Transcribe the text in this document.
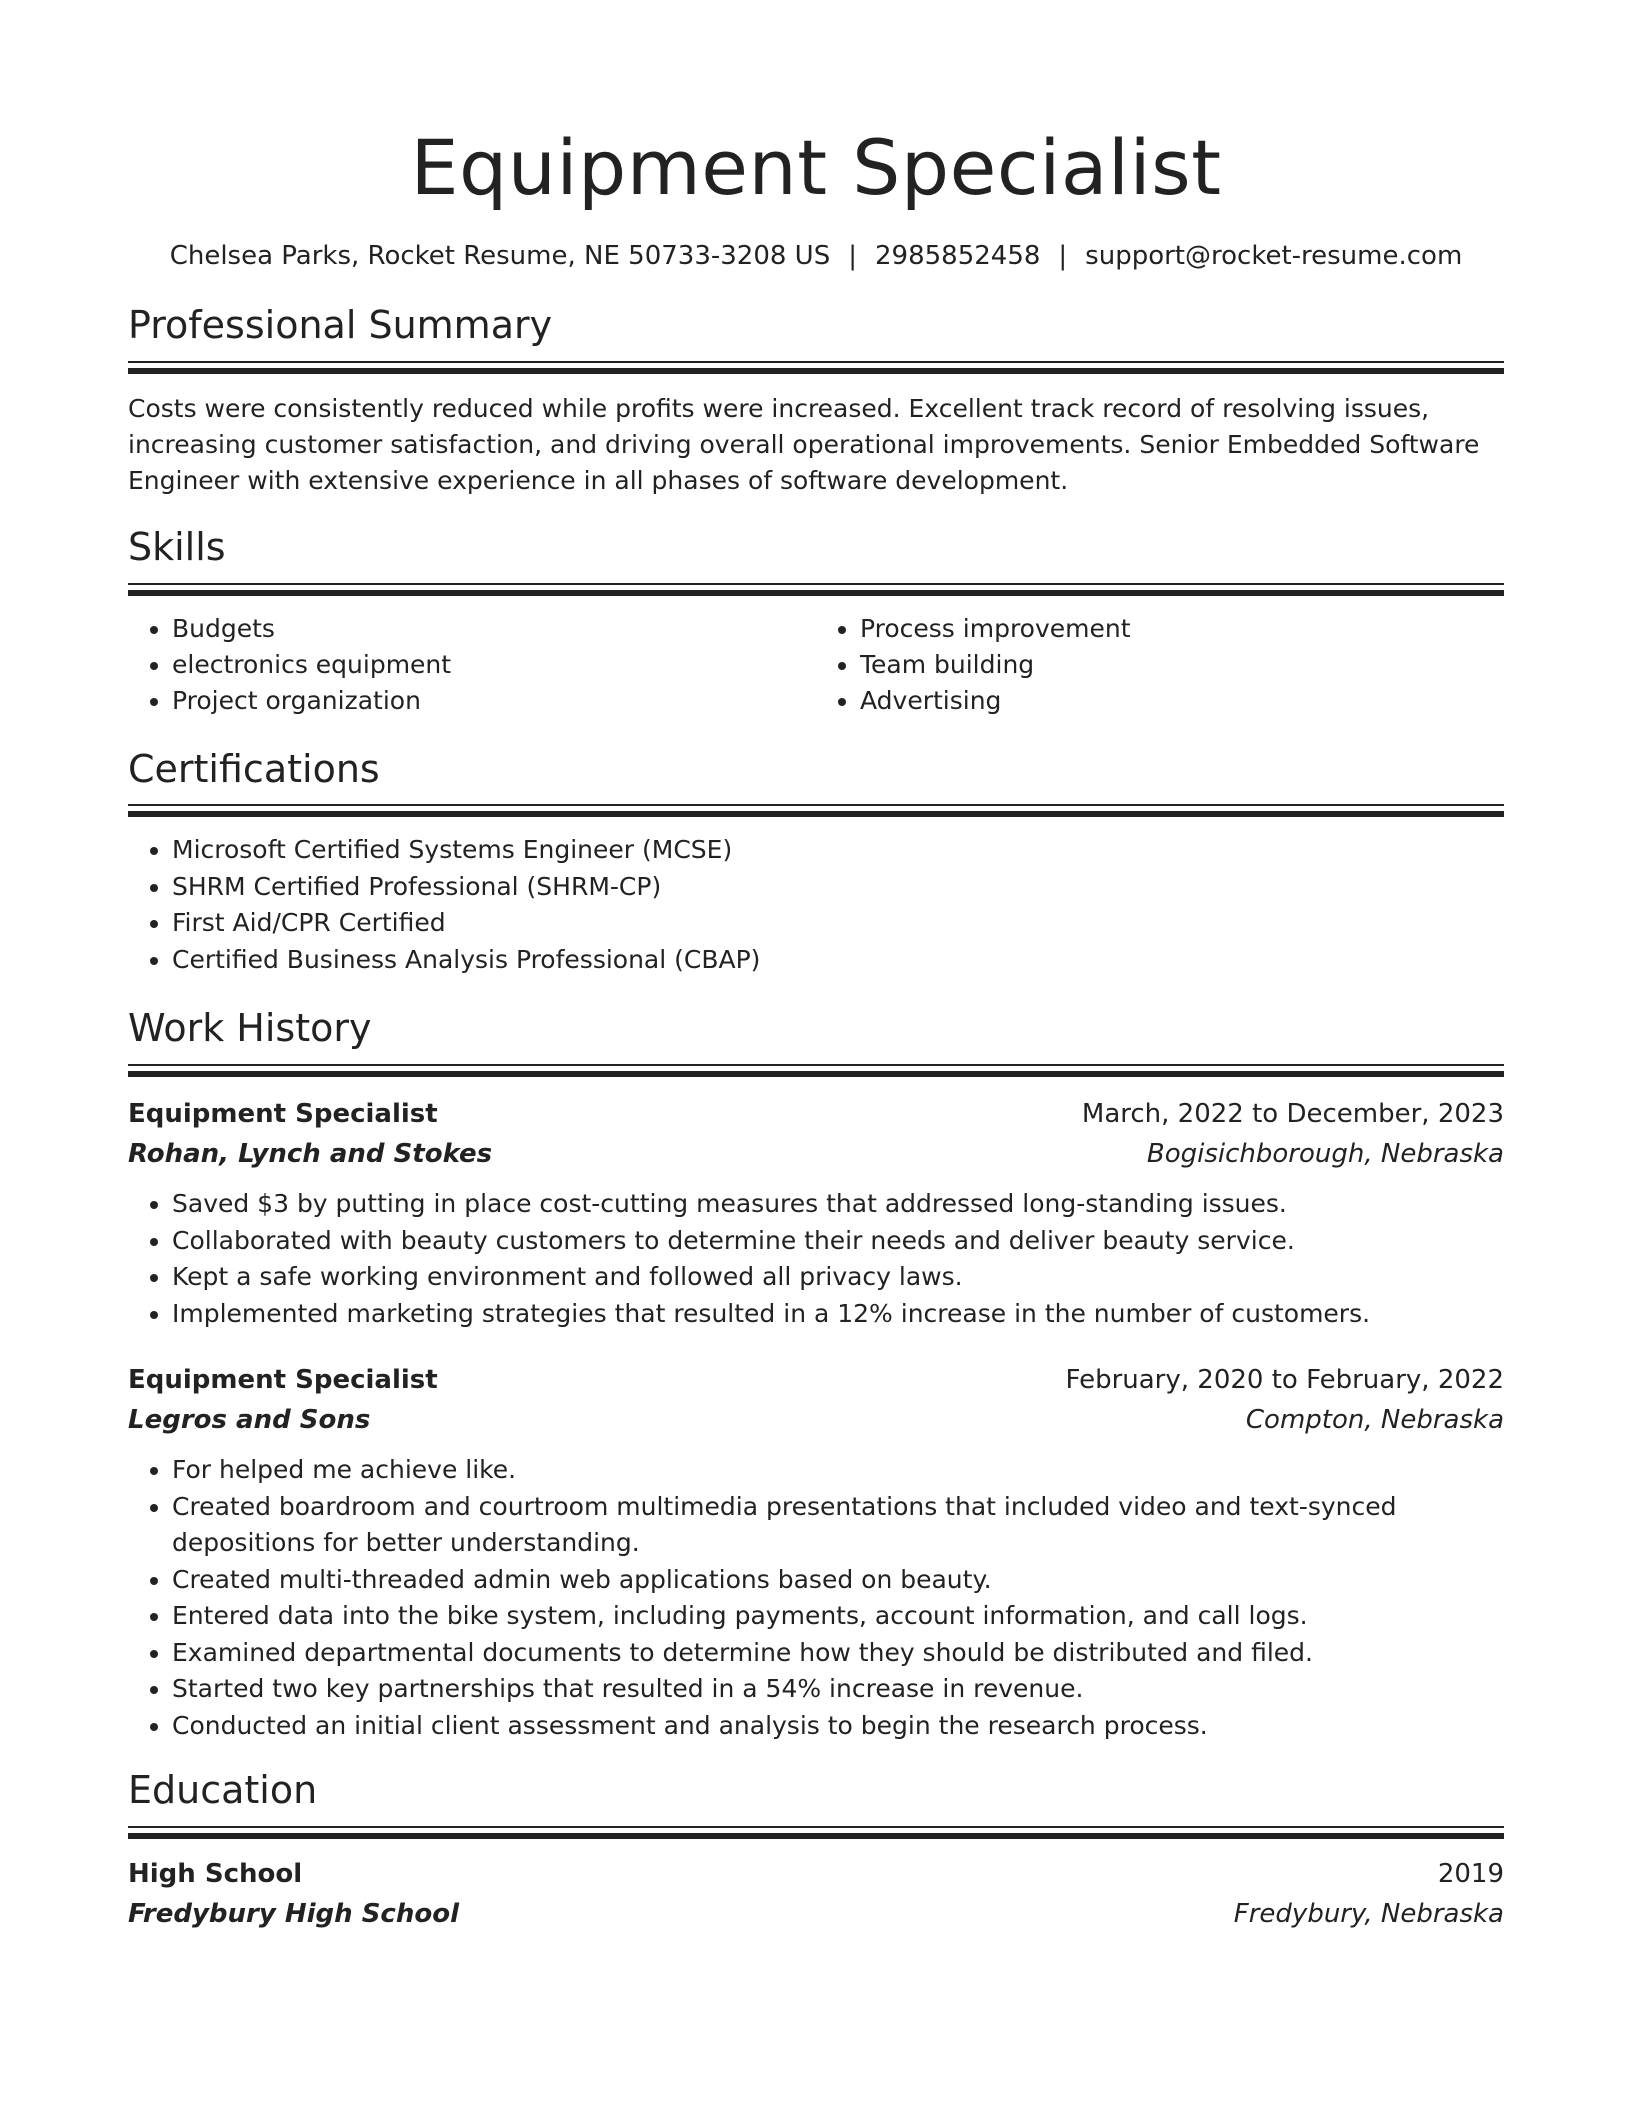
Equipment Specialist
Chelsea Parks, Rocket Resume, NE 50733-3208 US | 2985852458 | support@rocket-resume.com
Professional Summary

Costs were consistently reduced while profits were increased. Excellent track record of resolving issues, increasing customer satisfaction, and driving overall operational improvements. Senior Embedded Software Engineer with extensive experience in all phases of software development.

Skills
• Budgets
• electronics equipment
• Project organization
• Process improvement
• Team building
• Advertising
Certifications
• Microsoft Certified Systems Engineer (MCSE)
• SHRM Certified Professional (SHRM-CP)
• First Aid/CPR Certified
• Certified Business Analysis Professional (CBAP)
Work History
Equipment Specialist	March, 2022 to December, 2023
Rohan, Lynch and Stokes	Bogisichborough, Nebraska
• Saved $3 by putting in place cost-cutting measures that addressed long-standing issues.
• Collaborated with beauty customers to determine their needs and deliver beauty service.
• Kept a safe working environment and followed all privacy laws.
• Implemented marketing strategies that resulted in a 12% increase in the number of customers.
Equipment Specialist	February, 2020 to February, 2022
Legros and Sons	Compton, Nebraska
• For helped me achieve like.
• Created boardroom and courtroom multimedia presentations that included video and text-synced depositions for better understanding.
• Created multi-threaded admin web applications based on beauty.
• Entered data into the bike system, including payments, account information, and call logs.
• Examined departmental documents to determine how they should be distributed and filed.
• Started two key partnerships that resulted in a 54% increase in revenue.
• Conducted an initial client assessment and analysis to begin the research process.
Education
High School	2019
Fredybury High School	Fredybury, Nebraska
